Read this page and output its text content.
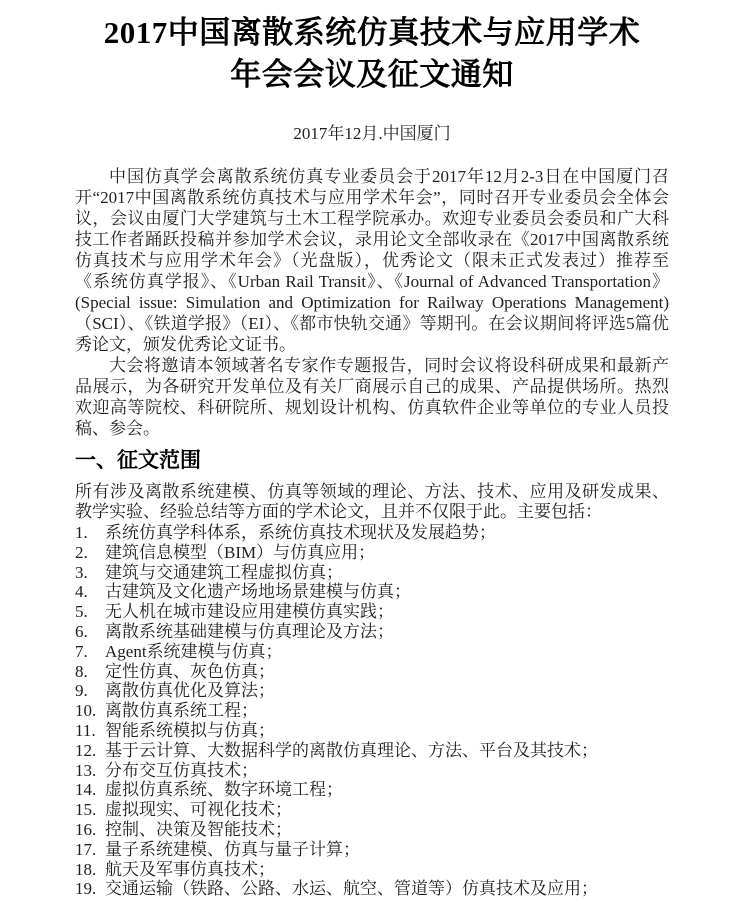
2017中国离散系统仿真技术与应用学术
年会会议及征文通知
2017年12月.中国厦门

中国仿真学会离散系统仿真专业委员会于2017年12月2-3日在中国厦门召开“2017中国离散系统仿真技术与应用学术年会”，同时召开专业委员会全体会议，会议由厦门大学建筑与土木工程学院承办。欢迎专业委员会委员和广大科技工作者踊跃投稿并参加学术会议，录用论文全部收录在《2017中国离散系统仿真技术与应用学术年会》（光盘版），优秀论文（限未正式发表过）推荐至《系统仿真学报》、《Urban Rail Transit》、《Journal of Advanced Transportation》(Special issue: Simulation and Optimization for Railway Operations Management)（SCI）、《铁道学报》（EI）、《都市快轨交通》等期刊。在会议期间将评选5篇优秀论文，颁发优秀论文证书。

大会将邀请本领域著名专家作专题报告，同时会议将设科研成果和最新产品展示，为各研究开发单位及有关厂商展示自己的成果、产品提供场所。热烈欢迎高等院校、科研院所、规划设计机构、仿真软件企业等单位的专业人员投稿、参会。

一、征文范围

所有涉及离散系统建模、仿真等领域的理论、方法、技术、应用及研发成果、教学实验、经验总结等方面的学术论文，且并不仅限于此。主要包括：

1.	系统仿真学科体系，系统仿真技术现状及发展趋势；
2.	建筑信息模型（BIM）与仿真应用；
3.	建筑与交通建筑工程虚拟仿真；
4.	古建筑及文化遗产场地场景建模与仿真；
5.	无人机在城市建设应用建模仿真实践；
6.	离散系统基础建模与仿真理论及方法；
7.	Agent系统建模与仿真；
8.	定性仿真、灰色仿真；
9.	离散仿真优化及算法；
10. 离散仿真系统工程；
11. 智能系统模拟与仿真；
12. 基于云计算、大数据科学的离散仿真理论、方法、平台及其技术；
13. 分布交互仿真技术；
14. 虚拟仿真系统、数字环境工程；
15. 虚拟现实、可视化技术；
16. 控制、决策及智能技术；
17. 量子系统建模、仿真与量子计算；
18. 航天及军事仿真技术；
19. 交通运输（铁路、公路、水运、航空、管道等）仿真技术及应用；
